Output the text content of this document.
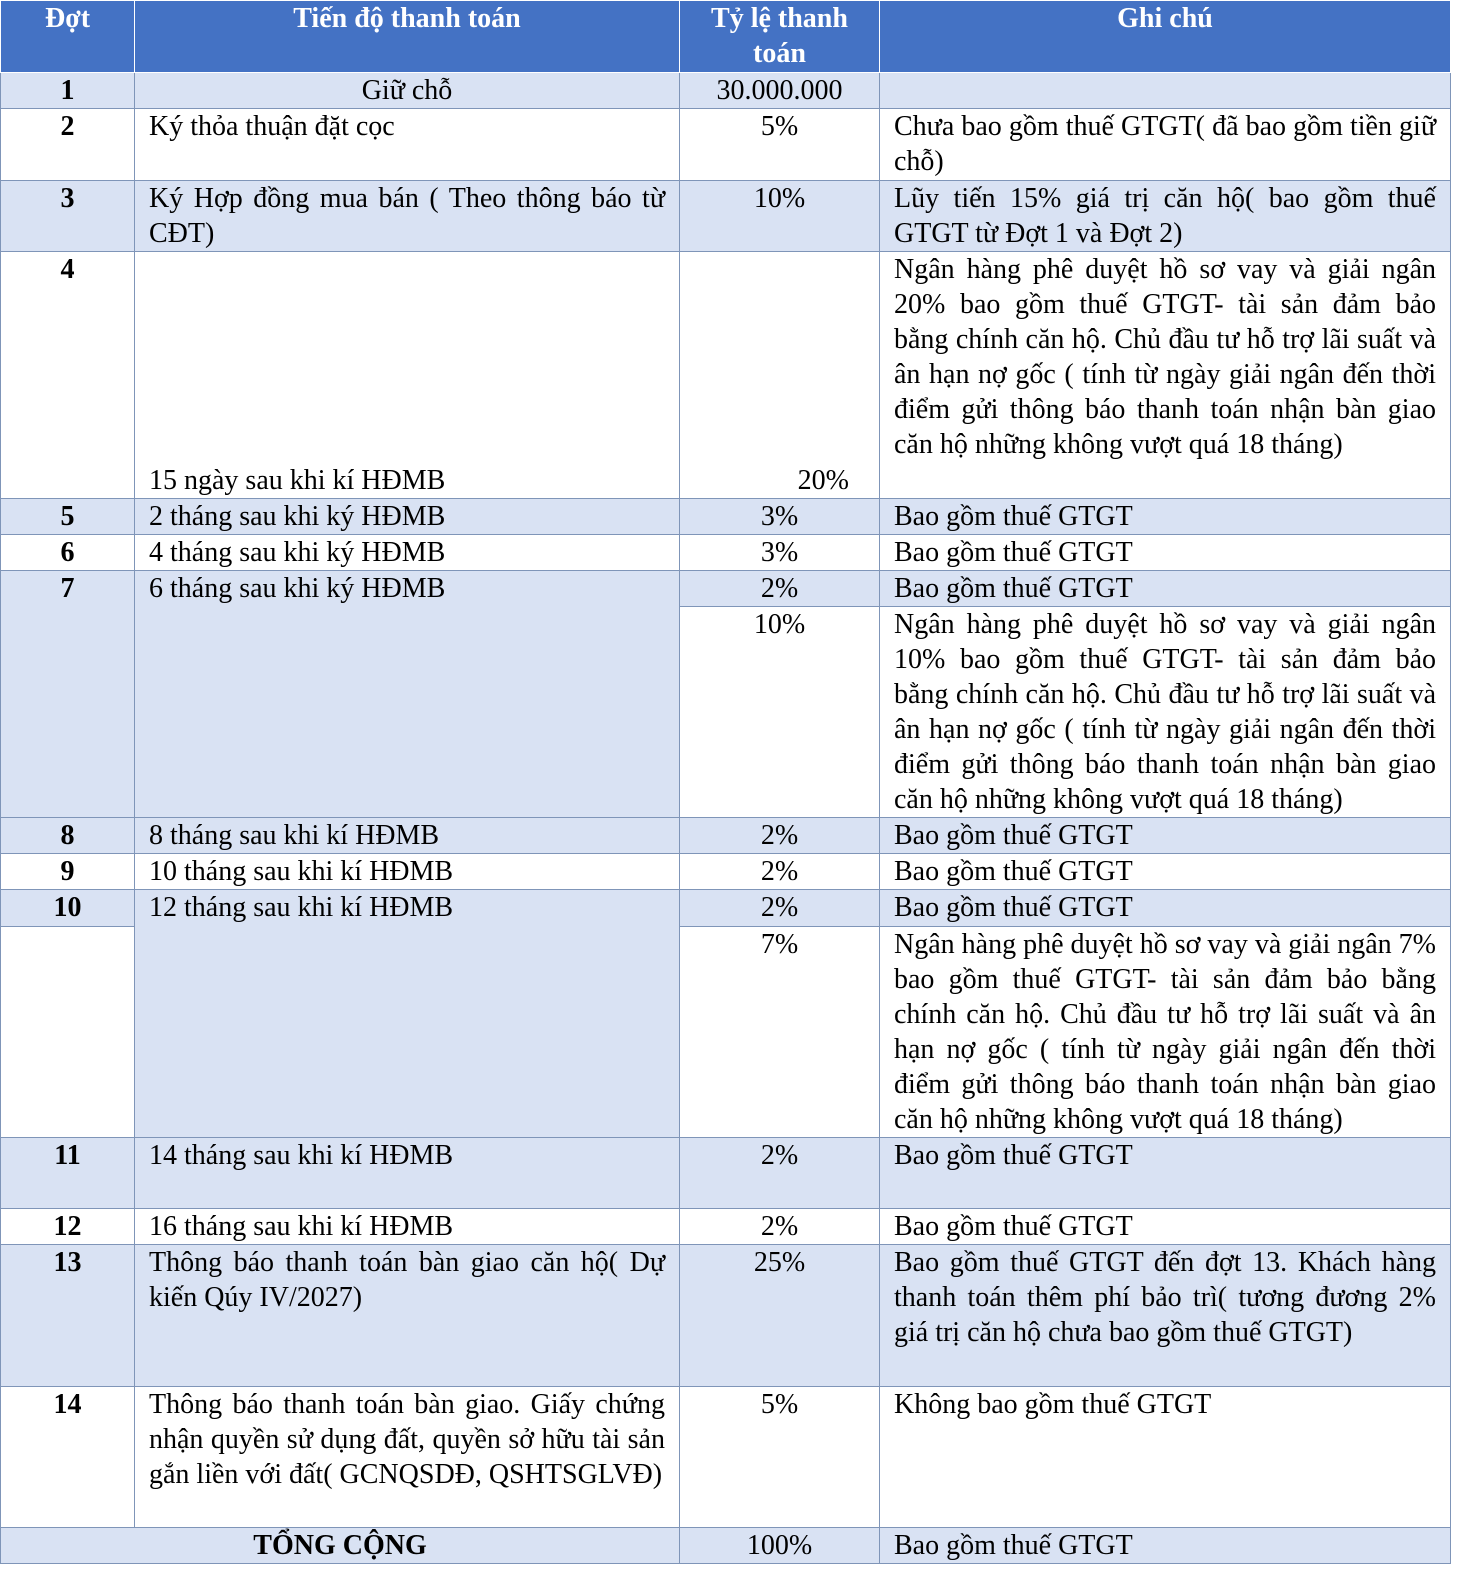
Đợt	Tiến độ thanh toán	Tỷ lệ thanh toán	Ghi chú
1	Giữ chỗ	30.000.000	
2	Ký thỏa thuận đặt cọc	5%	Chưa bao gồm thuế GTGT( đã bao gồm tiền giữ chỗ)
3	Ký Hợp đồng mua bán ( Theo thông báo từ CĐT)	10%	Lũy tiến 15% giá trị căn hộ( bao gồm thuế GTGT từ Đợt 1 và Đợt 2)
4	15 ngày sau khi kí HĐMB	20%	Ngân hàng phê duyệt hồ sơ vay và giải ngân 20% bao gồm thuế GTGT- tài sản đảm bảo bằng chính căn hộ. Chủ đầu tư hỗ trợ lãi suất và ân hạn nợ gốc ( tính từ ngày giải ngân đến thời điểm gửi thông báo thanh toán nhận bàn giao căn hộ những không vượt quá 18 tháng)
5	2 tháng sau khi ký HĐMB	3%	Bao gồm thuế GTGT
6	4 tháng sau khi ký HĐMB	3%	Bao gồm thuế GTGT
7	6 tháng sau khi ký HĐMB	2%	Bao gồm thuế GTGT
		10%	Ngân hàng phê duyệt hồ sơ vay và giải ngân 10% bao gồm thuế GTGT- tài sản đảm bảo bằng chính căn hộ. Chủ đầu tư hỗ trợ lãi suất và ân hạn nợ gốc ( tính từ ngày giải ngân đến thời điểm gửi thông báo thanh toán nhận bàn giao căn hộ những không vượt quá 18 tháng)
8	8 tháng sau khi kí HĐMB	2%	Bao gồm thuế GTGT
9	10 tháng sau khi kí HĐMB	2%	Bao gồm thuế GTGT
10	12 tháng sau khi kí HĐMB	2%	Bao gồm thuế GTGT
		7%	Ngân hàng phê duyệt hồ sơ vay và giải ngân 7% bao gồm thuế GTGT- tài sản đảm bảo bằng chính căn hộ. Chủ đầu tư hỗ trợ lãi suất và ân hạn nợ gốc ( tính từ ngày giải ngân đến thời điểm gửi thông báo thanh toán nhận bàn giao căn hộ những không vượt quá 18 tháng)
11	14 tháng sau khi kí HĐMB	2%	Bao gồm thuế GTGT
12	16 tháng sau khi kí HĐMB	2%	Bao gồm thuế GTGT
13	Thông báo thanh toán bàn giao căn hộ( Dự kiến Qúy IV/2027)	25%	Bao gồm thuế GTGT đến đợt 13. Khách hàng thanh toán thêm phí bảo trì( tương đương 2% giá trị căn hộ chưa bao gồm thuế GTGT)
14	Thông báo thanh toán bàn giao. Giấy chứng nhận quyền sử dụng đất, quyền sở hữu tài sản gắn liền với đất( GCNQSDĐ, QSHTSGLVĐ)	5%	Không bao gồm thuế GTGT
TỔNG CỘNG		100%	Bao gồm thuế GTGT
